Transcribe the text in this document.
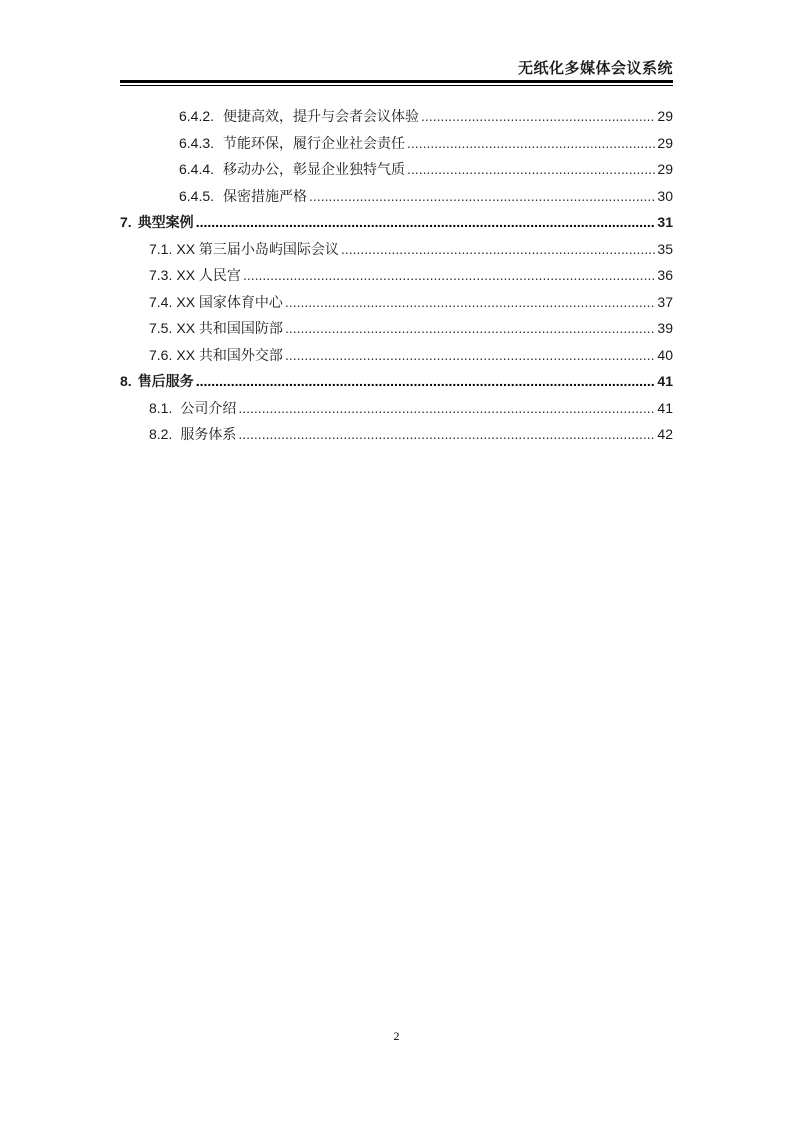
无纸化多媒体会议系统
6.4.2. 便捷高效，提升与会者会议体验 .....	29
6.4.3. 节能环保，履行企业社会责任 .....	29
6.4.4. 移动办公，彰显企业独特气质 .....	29
6.4.5. 保密措施严格 .....	30
7. 典型案例 .....	31
7.1. XX 第三届小岛屿国际会议 .....	35
7.3. XX 人民宫 .....	36
7.4. XX 国家体育中心 .....	37
7.5. XX 共和国国防部 .....	39
7.6. XX 共和国外交部 .....	40
8. 售后服务 .....	41
8.1. 公司介绍 .....	41
8.2. 服务体系 .....	42
2
